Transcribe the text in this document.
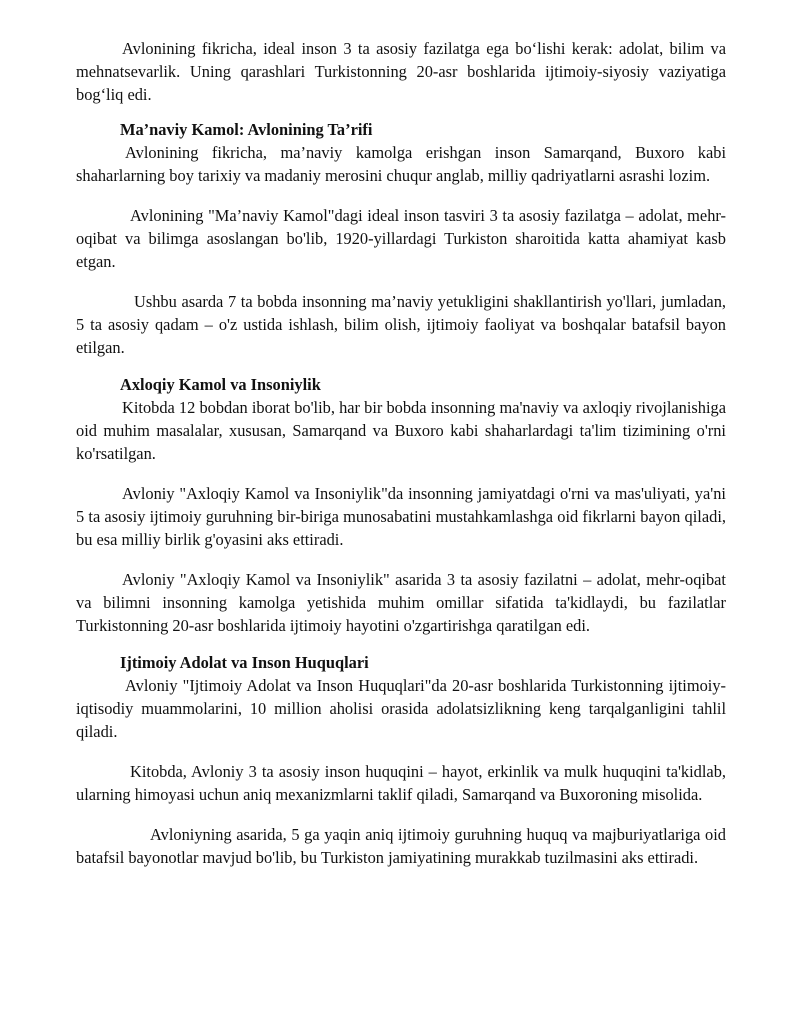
Avlonining fikricha, ideal inson 3 ta asosiy fazilatga ega bo‘lishi kerak: adolat, bilim va mehnatsevarlik. Uning qarashlari Turkistonning 20-asr boshlarida ijtimoiy-siyosiy vaziyatiga bog‘liq edi.

Ma’naviy Kamol: Avlonining Ta’rifi

Avlonining fikricha, ma’naviy kamolga erishgan inson Samarqand, Buxoro kabi shaharlarning boy tarixiy va madaniy merosini chuqur anglab, milliy qadriyatlarni asrashi lozim.

Avlonining "Ma’naviy Kamol"dagi ideal inson tasviri 3 ta asosiy fazilatga – adolat, mehr-oqibat va bilimga asoslangan bo'lib, 1920-yillardagi Turkiston sharoitida katta ahamiyat kasb etgan.

Ushbu asarda 7 ta bobda insonning ma’naviy yetukligini shakllantirish yo'llari, jumladan, 5 ta asosiy qadam – o'z ustida ishlash, bilim olish, ijtimoiy faoliyat va boshqalar batafsil bayon etilgan.

Axloqiy Kamol va Insoniylik

Kitobda 12 bobdan iborat bo'lib, har bir bobda insonning ma'naviy va axloqiy rivojlanishiga oid muhim masalalar, xususan, Samarqand va Buxoro kabi shaharlardagi ta'lim tizimining o'rni ko'rsatilgan.

Avloniy "Axloqiy Kamol va Insoniylik"da insonning jamiyatdagi o'rni va mas'uliyati, ya'ni 5 ta asosiy ijtimoiy guruhning bir-biriga munosabatini mustahkamlashga oid fikrlarni bayon qiladi, bu esa milliy birlik g'oyasini aks ettiradi.

Avloniy "Axloqiy Kamol va Insoniylik" asarida 3 ta asosiy fazilatni – adolat, mehr-oqibat va bilimni insonning kamolga yetishida muhim omillar sifatida ta'kidlaydi, bu fazilatlar Turkistonning 20-asr boshlarida ijtimoiy hayotini o'zgartirishga qaratilgan edi.

Ijtimoiy Adolat va Inson Huquqlari

Avloniy "Ijtimoiy Adolat va Inson Huquqlari"da 20-asr boshlarida Turkistonning ijtimoiy-iqtisodiy muammolarini, 10 million aholisi orasida adolatsizlikning keng tarqalganligini tahlil qiladi.

Kitobda, Avloniy 3 ta asosiy inson huquqini – hayot, erkinlik va mulk huquqini ta'kidlab, ularning himoyasi uchun aniq mexanizmlarni taklif qiladi, Samarqand va Buxoroning misolida.

Avloniyning asarida, 5 ga yaqin aniq ijtimoiy guruhning huquq va majburiyatlariga oid batafsil bayonotlar mavjud bo'lib, bu Turkiston jamiyatining murakkab tuzilmasini aks ettiradi.
